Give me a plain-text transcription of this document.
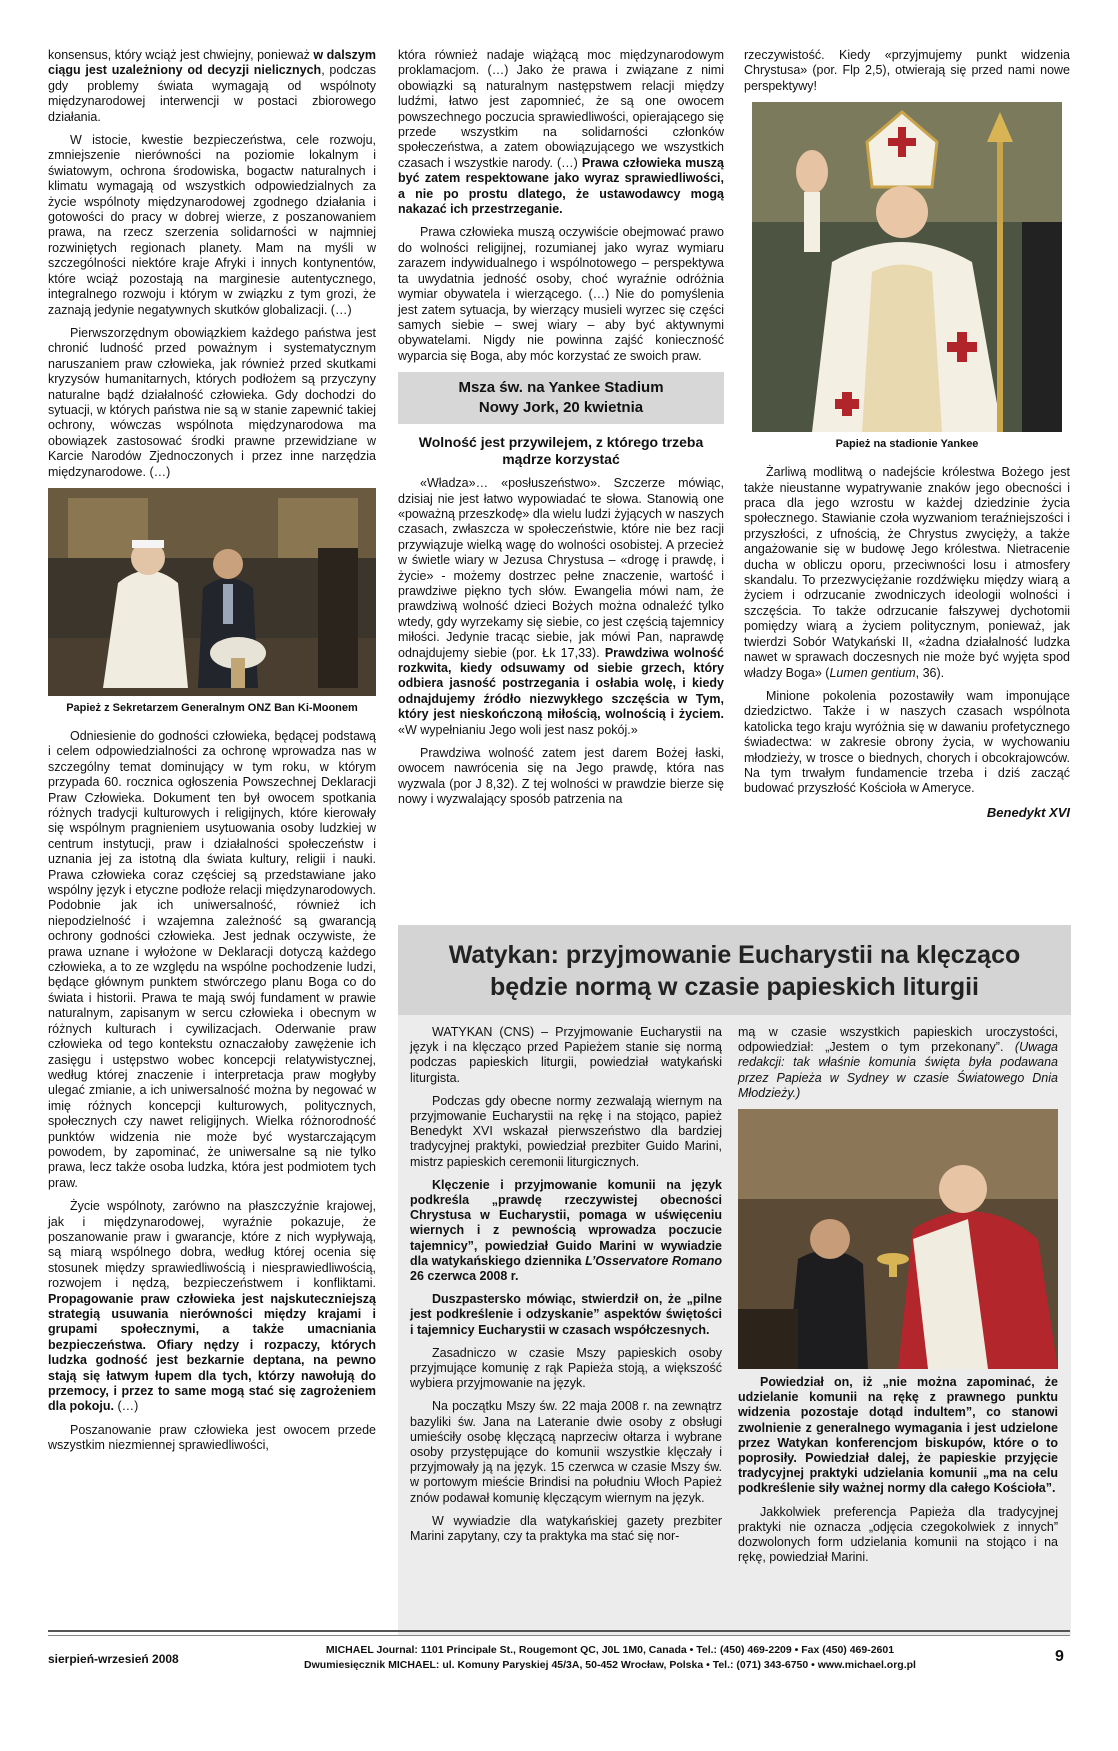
konsensus, który wciąż jest chwiejny, ponieważ w dalszym ciągu jest uzależniony od decyzji nielicznych, podczas gdy problemy świata wymagają od wspólnoty międzynarodowej interwencji w postaci zbiorowego działania.

W istocie, kwestie bezpieczeństwa, cele rozwoju, zmniejszenie nierówności na poziomie lokalnym i światowym, ochrona środowiska, bogactw naturalnych i klimatu wymagają od wszystkich odpowiedzialnych za życie wspólnoty międzynarodowej zgodnego działania i gotowości do pracy w dobrej wierze, z poszanowaniem prawa, na rzecz szerzenia solidarności w najmniej rozwiniętych regionach planety. Mam na myśli w szczególności niektóre kraje Afryki i innych kontynentów, które wciąż pozostają na marginesie autentycznego, integralnego rozwoju i którym w związku z tym grozi, że zaznają jedynie negatywnych skutków globalizacji. (…)

Pierwszorzędnym obowiązkiem każdego państwa jest chronić ludność przed poważnym i systematycznym naruszaniem praw człowieka, jak również przed skutkami kryzysów humanitarnych, których podłożem są przyczyny naturalne bądź działalność człowieka. Gdy dochodzi do sytuacji, w których państwa nie są w stanie zapewnić takiej ochrony, wówczas wspólnota międzynarodowa ma obowiązek zastosować środki prawne przewidziane w Karcie Narodów Zjednoczonych i przez inne narzędzia międzynarodowe. (…)

Papież z Sekretarzem Generalnym ONZ Ban Ki-Moonem

Odniesienie do godności człowieka, będącej podstawą i celem odpowiedzialności za ochronę wprowadza nas w szczególny temat dominujący w tym roku, w którym przypada 60. rocznica ogłoszenia Powszechnej Deklaracji Praw Człowieka. Dokument ten był owocem spotkania różnych tradycji kulturowych i religijnych, które kierowały się wspólnym pragnieniem usytuowania osoby ludzkiej w centrum instytucji, praw i działalności społeczeństw i uznania jej za istotną dla świata kultury, religii i nauki. Prawa człowieka coraz częściej są przedstawiane jako wspólny język i etyczne podłoże relacji międzynarodowych. Podobnie jak ich uniwersalność, również ich niepodzielność i wzajemna zależność są gwarancją ochrony godności człowieka. Jest jednak oczywiste, że prawa uznane i wyłożone w Deklaracji dotyczą każdego człowieka, a to ze względu na wspólne pochodzenie ludzi, będące głównym punktem stwórczego planu Boga co do świata i historii. Prawa te mają swój fundament w prawie naturalnym, zapisanym w sercu człowieka i obecnym w różnych kulturach i cywilizacjach. Oderwanie praw człowieka od tego kontekstu oznaczałoby zawężenie ich zasięgu i ustępstwo wobec koncepcji relatywistycznej, według której znaczenie i interpretacja praw mogłyby ulegać zmianie, a ich uniwersalność można by negować w imię różnych koncepcji kulturowych, politycznych, społecznych czy nawet religijnych. Wielka różnorodność punktów widzenia nie może być wystarczającym powodem, by zapominać, że uniwersalne są nie tylko prawa, lecz także osoba ludzka, która jest podmiotem tych praw.

Życie wspólnoty, zarówno na płaszczyźnie krajowej, jak i międzynarodowej, wyraźnie pokazuje, że poszanowanie praw i gwarancje, które z nich wypływają, są miarą wspólnego dobra, według której ocenia się stosunek między sprawiedliwością i niesprawiedliwością, rozwojem i nędzą, bezpieczeństwem i konfliktami. Propagowanie praw człowieka jest najskuteczniejszą strategią usuwania nierówności między krajami i grupami społecznymi, a także umacniania bezpieczeństwa. Ofiary nędzy i rozpaczy, których ludzka godność jest bezkarnie deptana, na pewno stają się łatwym łupem dla tych, którzy nawołują do przemocy, i przez to same mogą stać się zagrożeniem dla pokoju. (…)

Poszanowanie praw człowieka jest owocem przede wszystkim niezmiennej sprawiedliwości,

która również nadaje wiążącą moc międzynarodowym proklamacjom. (…) Jako że prawa i związane z nimi obowiązki są naturalnym następstwem relacji między ludźmi, łatwo jest zapomnieć, że są one owocem powszechnego poczucia sprawiedliwości, opierającego się przede wszystkim na solidarności członków społeczeństwa, a zatem obowiązującego we wszystkich czasach i wszystkie narody. (…) Prawa człowieka muszą być zatem respektowane jako wyraz sprawiedliwości, a nie po prostu dlatego, że ustawodawcy mogą nakazać ich przestrzeganie.

Prawa człowieka muszą oczywiście obejmować prawo do wolności religijnej, rozumianej jako wyraz wymiaru zarazem indywidualnego i wspólnotowego – perspektywa ta uwydatnia jedność osoby, choć wyraźnie odróżnia wymiar obywatela i wierzącego. (…) Nie do pomyślenia jest zatem sytuacja, by wierzący musieli wyrzec się części samych siebie – swej wiary – aby być aktywnymi obywatelami. Nigdy nie powinna zajść konieczność wyparcia się Boga, aby móc korzystać ze swoich praw.

Msza św. na Yankee Stadium
Nowy Jork, 20 kwietnia
Wolność jest przywilejem, z którego trzeba mądrze korzystać

«Władza»… «posłuszeństwo». Szczerze mówiąc, dzisiaj nie jest łatwo wypowiadać te słowa. Stanowią one «poważną przeszkodę» dla wielu ludzi żyjących w naszych czasach, zwłaszcza w społeczeństwie, które nie bez racji przywiązuje wielką wagę do wolności osobistej. A przecież w świetle wiary w Jezusa Chrystusa – «drogę i prawdę, i życie» - możemy dostrzec pełne znaczenie, wartość i prawdziwe piękno tych słów. Ewangelia mówi nam, że prawdziwą wolność dzieci Bożych można odnaleźć tylko wtedy, gdy wyrzekamy się siebie, co jest częścią tajemnicy miłości. Jedynie tracąc siebie, jak mówi Pan, naprawdę odnajdujemy siebie (por. Łk 17,33). Prawdziwa wolność rozkwita, kiedy odsuwamy od siebie grzech, który odbiera jasność postrzegania i osłabia wolę, i kiedy odnajdujemy źródło niezwykłego szczęścia w Tym, który jest nieskończoną miłością, wolnością i życiem. «W wypełnianiu Jego woli jest nasz pokój.»

Prawdziwa wolność zatem jest darem Bożej łaski, owocem nawrócenia się na Jego prawdę, która nas wyzwala (por J 8,32). Z tej wolności w prawdzie bierze się nowy i wyzwalający sposób patrzenia na

rzeczywistość. Kiedy «przyjmujemy punkt widzenia Chrystusa» (por. Flp 2,5), otwierają się przed nami nowe perspektywy!

Papież na stadionie Yankee

Żarliwą modlitwą o nadejście królestwa Bożego jest także nieustanne wypatrywanie znaków jego obecności i praca dla jego wzrostu w każdej dziedzinie życia społecznego. Stawianie czoła wyzwaniom teraźniejszości i przyszłości, z ufnością, że Chrystus zwycięży, a także angażowanie się w budowę Jego królestwa. Nietracenie ducha w obliczu oporu, przeciwności losu i atmosfery skandalu. To przezwyciężanie rozdźwięku między wiarą a życiem i odrzucanie zwodniczych ideologii wolności i szczęścia. To także odrzucanie fałszywej dychotomii pomiędzy wiarą a życiem politycznym, ponieważ, jak twierdzi Sobór Watykański II, «żadna działalność ludzka nawet w sprawach doczesnych nie może być wyjęta spod władzy Boga» (Lumen gentium, 36).

Minione pokolenia pozostawiły wam imponujące dziedzictwo. Także i w naszych czasach wspólnota katolicka tego kraju wyróżnia się w dawaniu profetycznego świadectwa: w zakresie obrony życia, w wychowaniu młodzieży, w trosce o biednych, chorych i obcokrajowców. Na tym trwałym fundamencie trzeba i dziś zacząć budować przyszłość Kościoła w Ameryce.

Benedykt XVI
Watykan: przyjmowanie Eucharystii na klęcząco
będzie normą w czasie papieskich liturgii

WATYKAN (CNS) – Przyjmowanie Eucharystii na język i na klęcząco przed Papieżem stanie się normą podczas papieskich liturgii, powiedział watykański liturgista.

Podczas gdy obecne normy zezwalają wiernym na przyjmowanie Eucharystii na rękę i na stojąco, papież Benedykt XVI wskazał pierwszeństwo dla bardziej tradycyjnej praktyki, powiedział prezbiter Guido Marini, mistrz papieskich ceremonii liturgicznych.

Klęczenie i przyjmowanie komunii na język podkreśla „prawdę rzeczywistej obecności Chrystusa w Eucharystii, pomaga w uświęceniu wiernych i z pewnością wprowadza poczucie tajemnicy”, powiedział Guido Marini w wywiadzie dla watykańskiego dziennika L’Osservatore Romano 26 czerwca 2008 r.

Duszpastersko mówiąc, stwierdził on, że „pilne jest podkreślenie i odzyskanie” aspektów świętości i tajemnicy Eucharystii w czasach współczesnych.

Zasadniczo w czasie Mszy papieskich osoby przyjmujące komunię z rąk Papieża stoją, a większość wybiera przyjmowanie na język.

Na początku Mszy św. 22 maja 2008 r. na zewnątrz bazyliki św. Jana na Lateranie dwie osoby z obsługi umieściły osobę klęczącą naprzeciw ołtarza i wybrane osoby przystępujące do komunii wszystkie klęczały i przyjmowały ją na język. 15 czerwca w czasie Mszy św. w portowym mieście Brindisi na południu Włoch Papież znów podawał komunię klęczącym wiernym na język.

W wywiadzie dla watykańskiej gazety prezbiter Marini zapytany, czy ta praktyka ma stać się nor-

mą w czasie wszystkich papieskich uroczystości, odpowiedział: „Jestem o tym przekonany”. (Uwaga redakcji: tak właśnie komunia święta była podawana przez Papieża w Sydney w czasie Światowego Dnia Młodzieży.)

Powiedział on, iż „nie można zapominać, że udzielanie komunii na rękę z prawnego punktu widzenia pozostaje dotąd indultem”, co stanowi zwolnienie z generalnego wymagania i jest udzielone przez Watykan konferencjom biskupów, które o to poprosiły. Powiedział dalej, że papieskie przyjęcie tradycyjnej praktyki udzielania komunii „ma na celu podkreślenie siły ważnej normy dla całego Kościoła”.

Jakkolwiek preferencja Papieża dla tradycyjnej praktyki nie oznacza „odjęcia czegokolwiek z innych” dozwolonych form udzielania komunii na stojąco i na rękę, powiedział Marini.

sierpień-wrzesień 2008
MICHAEL Journal: 1101 Principale St., Rougemont QC, J0L 1M0, Canada • Tel.: (450) 469-2209 • Fax (450) 469-2601
Dwumiesięcznik MICHAEL: ul. Komuny Paryskiej 45/3A, 50-452 Wrocław, Polska • Tel.: (071) 343-6750 • www.michael.org.pl	9
